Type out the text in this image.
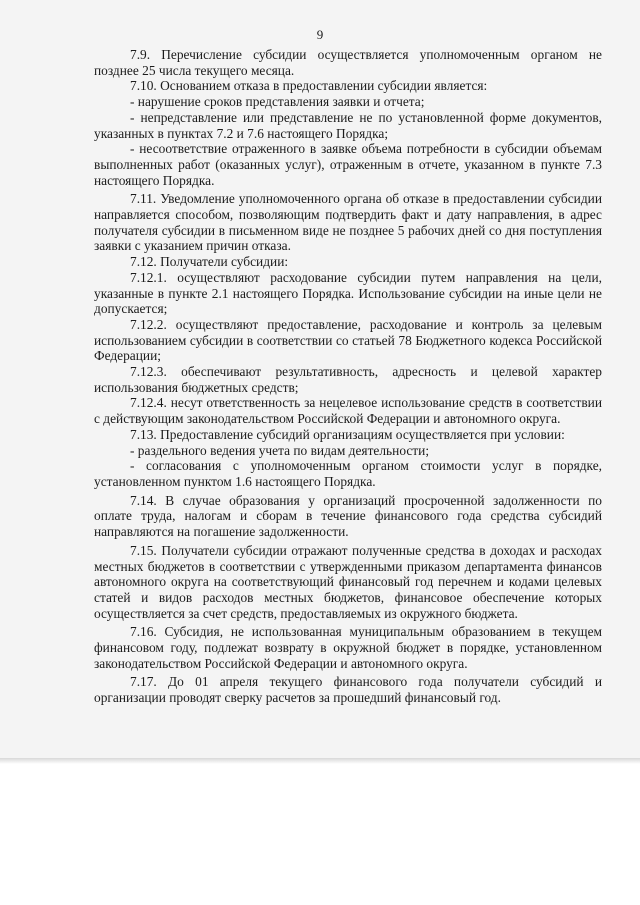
9

7.9. Перечисление субсидии осуществляется уполномоченным органом не позднее 25 числа текущего месяца.

7.10. Основанием отказа в предоставлении субсидии является:

- нарушение сроков представления заявки и отчета;

- непредставление или представление не по установленной форме документов, указанных в пунктах 7.2 и 7.6 настоящего Порядка;

- несоответствие отраженного в заявке объема потребности в субсидии объемам выполненных работ (оказанных услуг), отраженным в отчете, указанном в пункте 7.3 настоящего Порядка.

7.11. Уведомление уполномоченного органа об отказе в предоставлении субсидии направляется способом, позволяющим подтвердить факт и дату направления, в адрес получателя субсидии в письменном виде не позднее 5 рабочих дней со дня поступления заявки с указанием причин отказа.

7.12. Получатели субсидии:

7.12.1. осуществляют расходование субсидии путем направления на цели, указанные в пункте 2.1 настоящего Порядка. Использование субсидии на иные цели не допускается;

7.12.2. осуществляют предоставление, расходование и контроль за целевым использованием субсидии в соответствии со статьей 78 Бюджетного кодекса Российской Федерации;

7.12.3. обеспечивают результативность, адресность и целевой характер использования бюджетных средств;

7.12.4. несут ответственность за нецелевое использование средств в соответствии с действующим законодательством Российской Федерации и автономного округа.

7.13. Предоставление субсидий организациям осуществляется при условии:

- раздельного ведения учета по видам деятельности;

- согласования с уполномоченным органом стоимости услуг в порядке, установленном пунктом 1.6 настоящего Порядка.

7.14. В случае образования у организаций просроченной задолженности по оплате труда, налогам и сборам в течение финансового года средства субсидий направляются на погашение задолженности.

7.15. Получатели субсидии отражают полученные средства в доходах и расходах местных бюджетов в соответствии с утвержденными приказом департамента финансов автономного округа на соответствующий финансовый год перечнем и кодами целевых статей и видов расходов местных бюджетов, финансовое обеспечение которых осуществляется за счет средств, предоставляемых из окружного бюджета.

7.16. Субсидия, не использованная муниципальным образованием в текущем финансовом году, подлежат возврату в окружной бюджет в порядке, установленном законодательством Российской Федерации и автономного округа.

7.17. До 01 апреля текущего финансового года получатели субсидий и организации проводят сверку расчетов за прошедший финансовый год.
